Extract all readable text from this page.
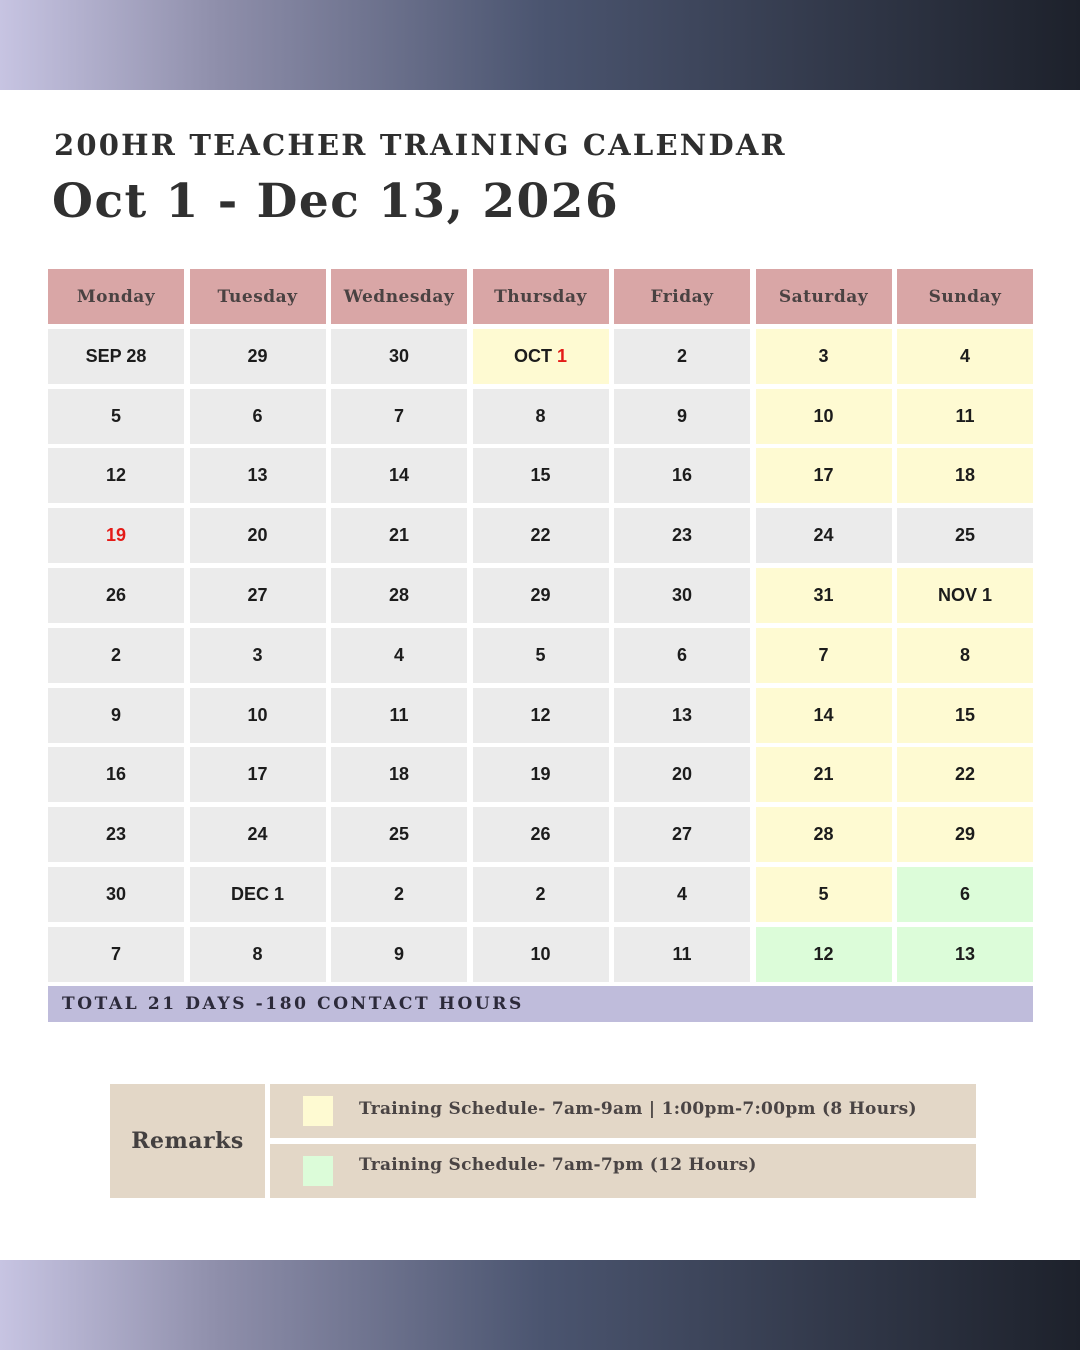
200HR TEACHER TRAINING CALENDAR
Oct 1 - Dec 13, 2026
Monday	Tuesday	Wednesday	Thursday	Friday	Saturday	Sunday
SEP 28	29	30	OCT 1	2	3	4
5	6	7	8	9	10	11
12	13	14	15	16	17	18
19	20	21	22	23	24	25
26	27	28	29	30	31	NOV 1
2	3	4	5	6	7	8
9	10	11	12	13	14	15
16	17	18	19	20	21	22
23	24	25	26	27	28	29
30	DEC 1	2	2	4	5	6
7	8	9	10	11	12	13
TOTAL 21 DAYS -180 CONTACT HOURS
Remarks
Training Schedule- 7am-9am | 1:00pm-7:00pm (8 Hours)
Training Schedule- 7am-7pm (12 Hours)
